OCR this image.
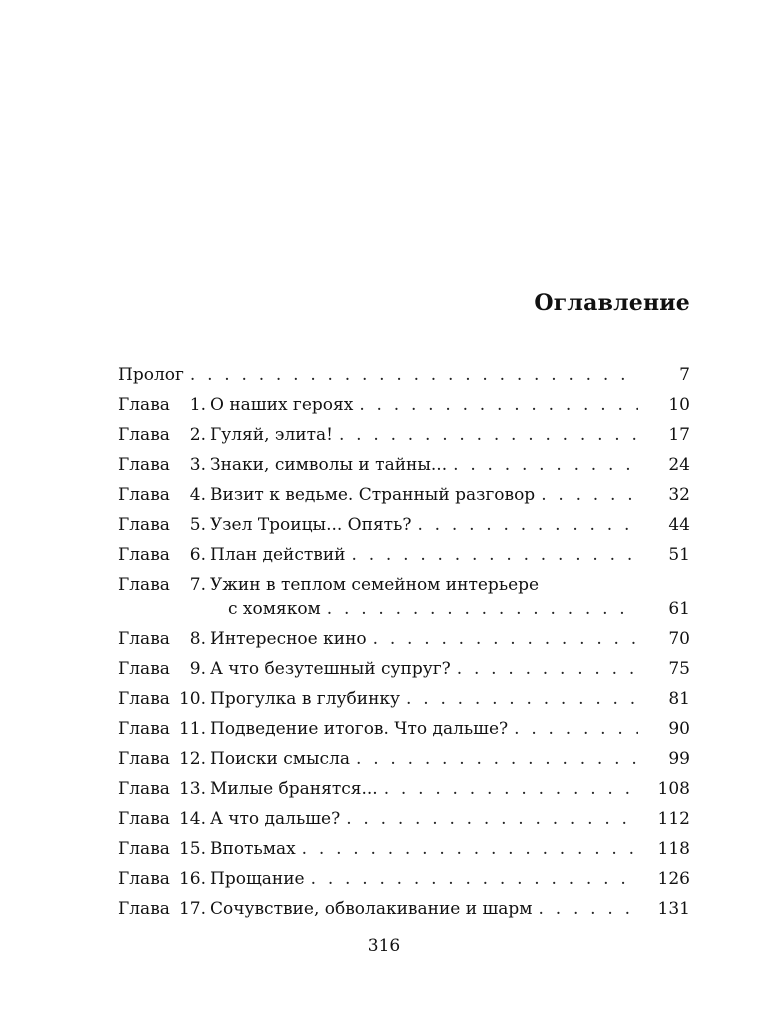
Оглавление
Пролог . . .	7
Глава	1. О наших героях . . .	10
Глава	2. Гуляй, элита! . . .	17
Глава	3. Знаки, символы и тайны... . . .	24
Глава	4. Визит к ведьме. Странный разговор . . .	32
Глава	5. Узел Троицы... Опять? . . .	44
Глава	6. План действий . . .	51
Глава	7. Ужин в теплом семейном интерьере
с хомяком . . .	61
Глава	8. Интересное кино . . .	70
Глава	9. А что безутешный супруг? . . .	75
Глава 10. Прогулка в глубинку . . .	81
Глава 11. Подведение итогов. Что дальше? . . .	90
Глава 12. Поиски смысла . . .	99
Глава 13. Милые бранятся... . . .	108
Глава 14. А что дальше? . . .	112
Глава 15. Впотьмах . . .	118
Глава 16. Прощание . . .	126
Глава 17. Сочувствие, обволакивание и шарм . . .	131

316
